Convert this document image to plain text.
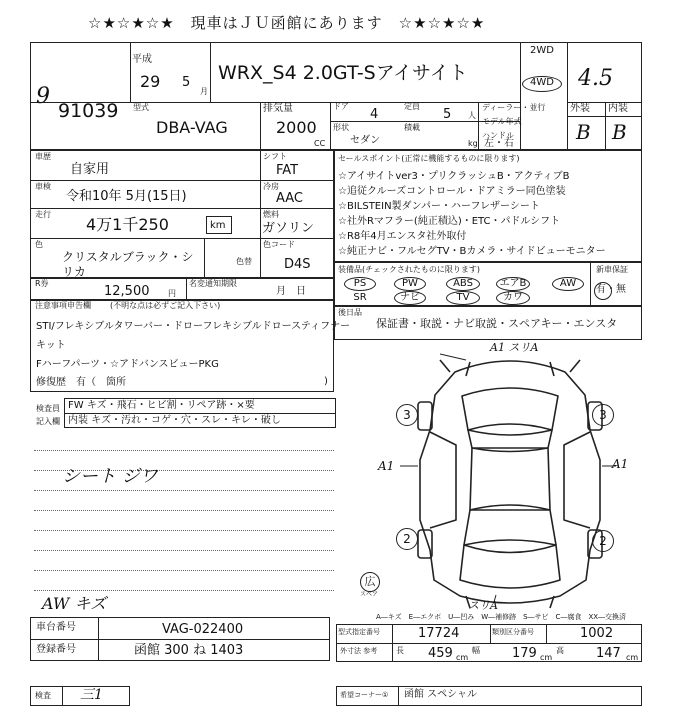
☆★☆★☆★　現車はＪＵ函館にあります　☆★☆★☆★
平成
29 5
月
WRX_S4 2.0GT-Sアイサイト
2WD
4WD	4.5
9
91039 型式
DBA-VAG
排気量
2000
CC
ドア
4
定員
5 人
ディーラー・並行
モデル年式
形状
セダン
積載
kg
ハンドル
左・右
外装 内装
B B
車歴
自家用
シフト
FAT
車検
令和10年 5月(15日)
冷房
AAC
走行
4万1千250	km
燃料
ガソリン
色
クリスタルブラック・シリカ
色替
色コード
D4S
R券
12,500 円
名変通知期限
月　日
注意事項申告欄 (不明な点は必ずご記入下さい)
STI/フレキシブルタワーバー・ドローフレキシブルドロースティフナー
キット
Fハーフパーツ・☆アドバンスビューPKG
修復歴　有（　箇所	)
検査員記入欄
FW キズ・飛石・ヒビ割・リペア跡・×要
内装 キズ・汚れ・コゲ・穴・スレ・キレ・破し
シート ジワ
AW キズ
セールスポイント(正常に機能するものに限ります)
☆アイサイトver3・プリクラッシュB・アクティブB
☆追従クルーズコントロール・ドアミラー同色塗装
☆BILSTEIN製ダンパー・ハーフレザーシート
☆社外Rマフラー(純正積込)・ETC・パドルシフト
☆R8年4月エンスタ社外取付
☆純正ナビ・フルセグTV・Bカメラ・サイドビューモニター
装備品(チェックされたものに限ります)
PS	PW	ABS	エアB	AW
SR	ナビ	TV	カワ
新車保証
有・無
後日品
保証書・取説・ナビ取説・スペアキー・エンスタ
A1 スリA
A1	A1
スリA
3	3
2	2
広
スペア
A―キズ　E―エクボ　U―凹み　W―補修跡　S―サビ　C―腐食　XX―交換済
車台番号	VAG-022400
登録番号	函館 300 ね 1403
型式指定番号	17724	類別区分番号	1002
外寸法 参考	長 459 cm
幅 179 cm
高 147 cm
検査 三1	希望コーナー① 函館 スペシャル
